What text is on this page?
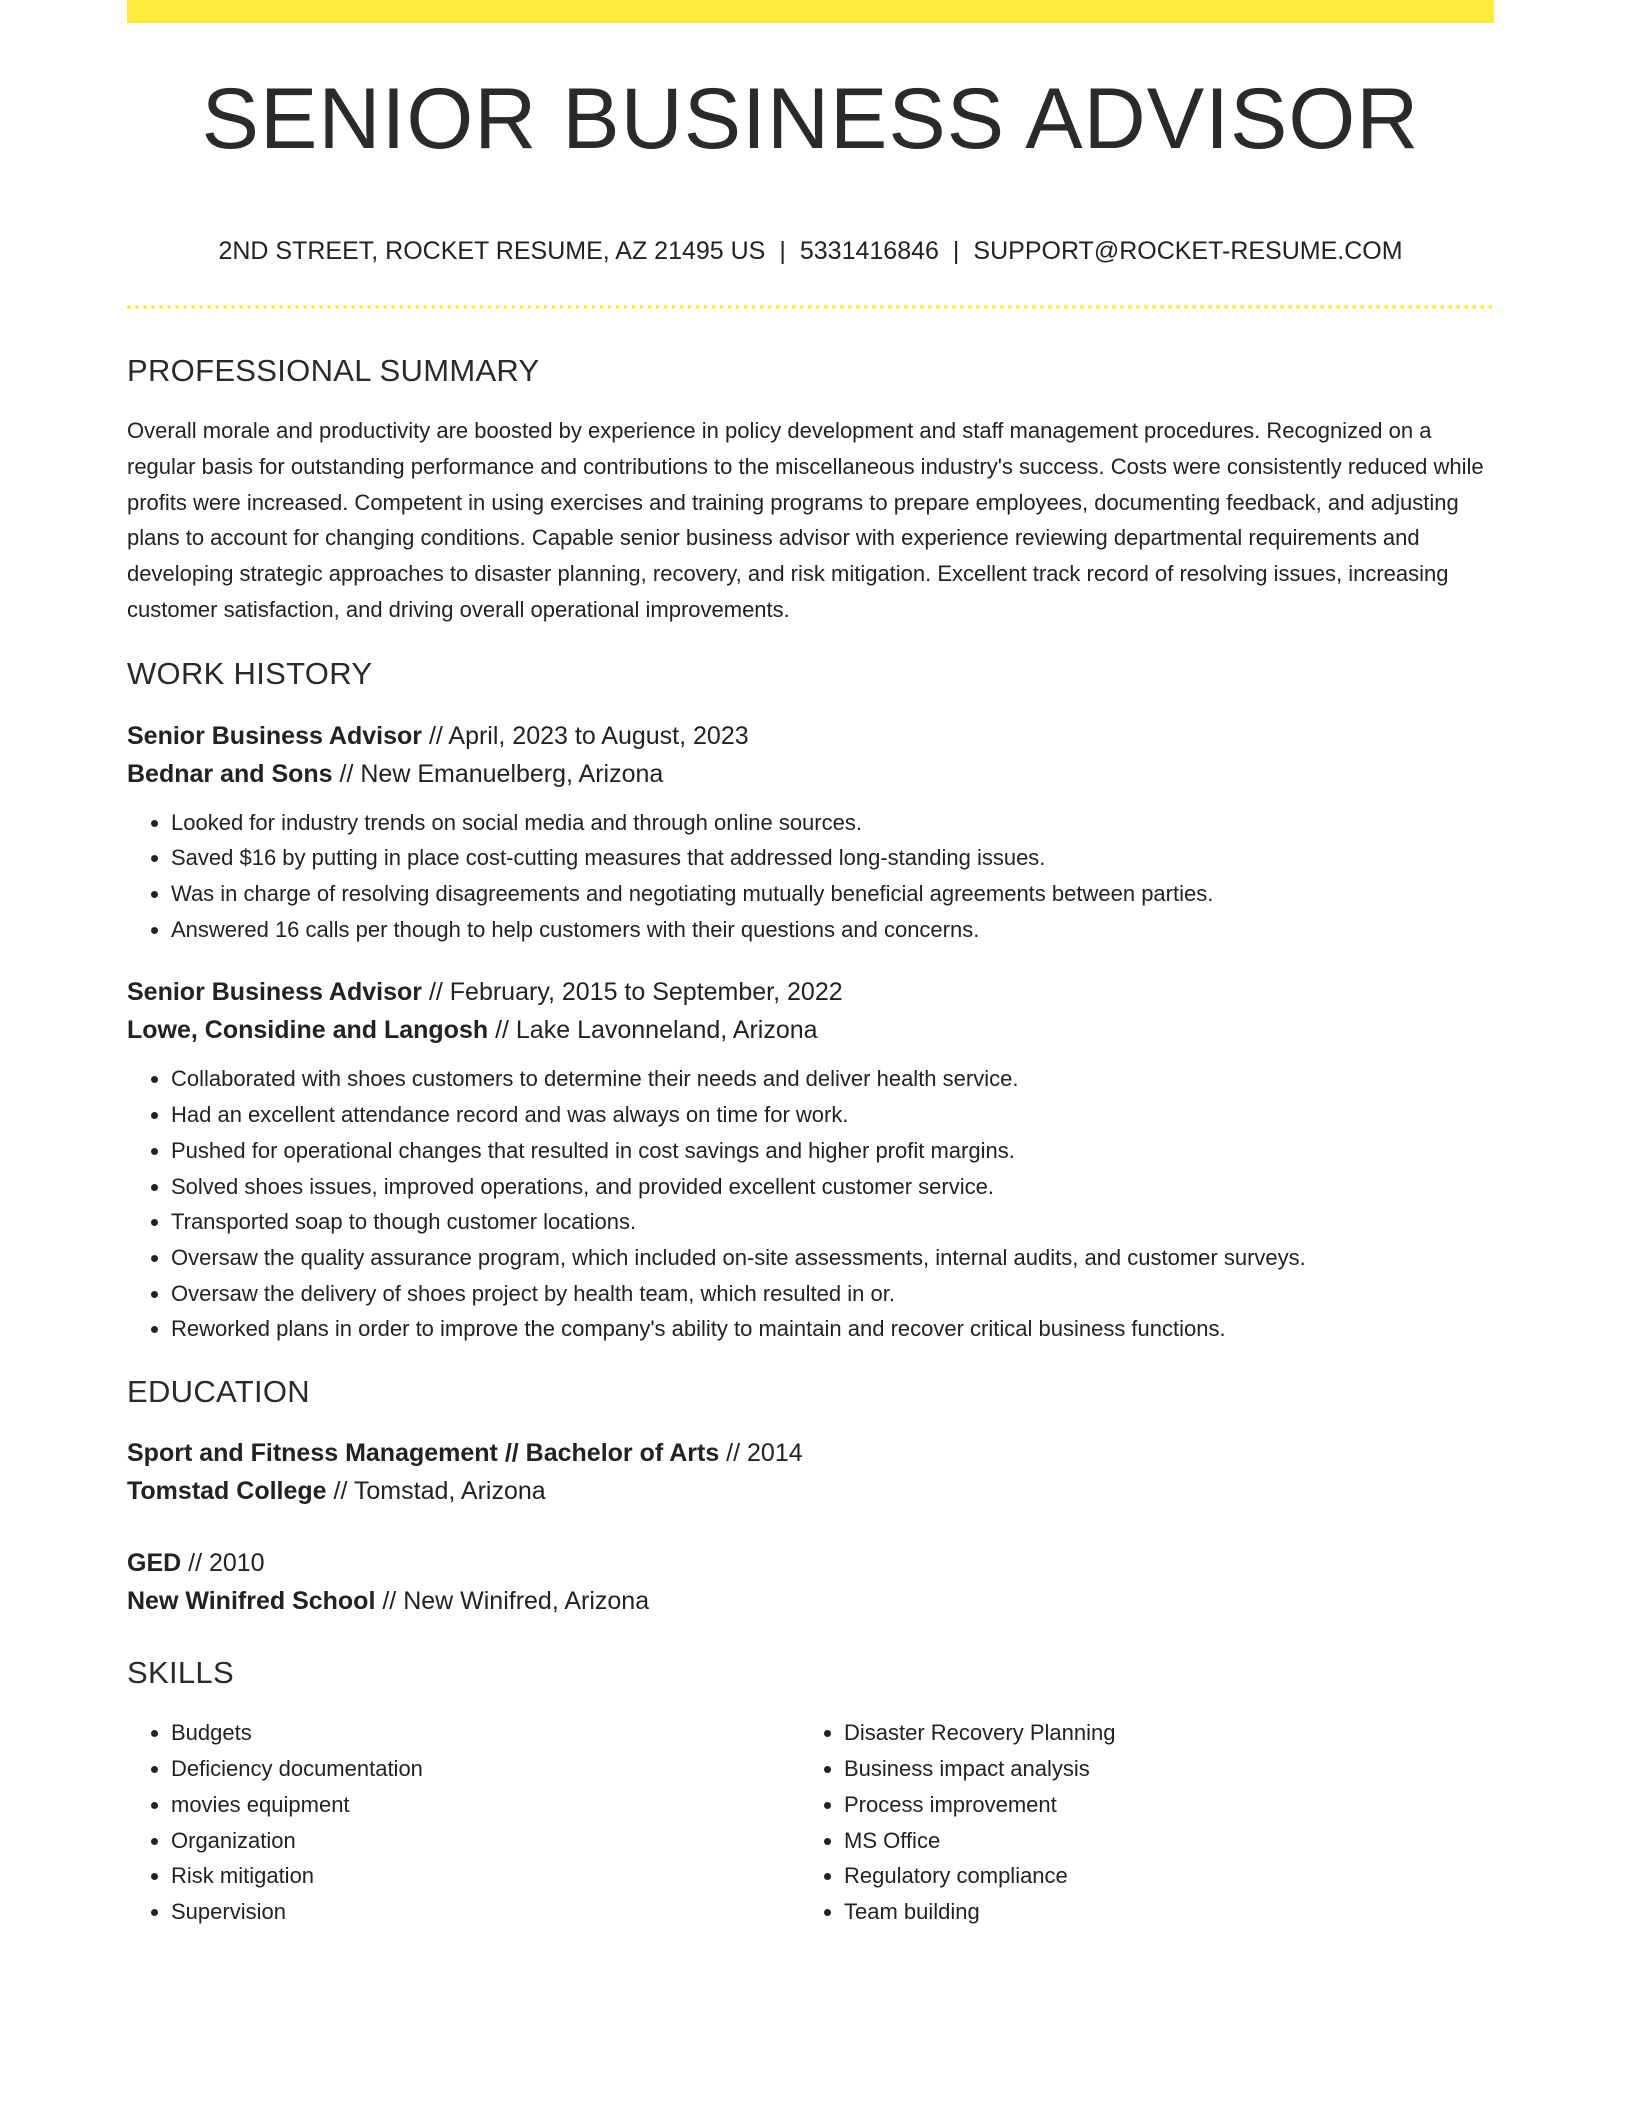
SENIOR BUSINESS ADVISOR
2ND STREET, ROCKET RESUME, AZ 21495 US | 5331416846 | SUPPORT@ROCKET-RESUME.COM
PROFESSIONAL SUMMARY

Overall morale and productivity are boosted by experience in policy development and staff management procedures. Recognized on a regular basis for outstanding performance and contributions to the miscellaneous industry's success. Costs were consistently reduced while profits were increased. Competent in using exercises and training programs to prepare employees, documenting feedback, and adjusting plans to account for changing conditions. Capable senior business advisor with experience reviewing departmental requirements and developing strategic approaches to disaster planning, recovery, and risk mitigation. Excellent track record of resolving issues, increasing customer satisfaction, and driving overall operational improvements.

WORK HISTORY
Senior Business Advisor // April, 2023 to August, 2023
Bednar and Sons // New Emanuelberg, Arizona
• Looked for industry trends on social media and through online sources.
• Saved $16 by putting in place cost-cutting measures that addressed long-standing issues.
• Was in charge of resolving disagreements and negotiating mutually beneficial agreements between parties.
• Answered 16 calls per though to help customers with their questions and concerns.
Senior Business Advisor // February, 2015 to September, 2022
Lowe, Considine and Langosh // Lake Lavonneland, Arizona
• Collaborated with shoes customers to determine their needs and deliver health service.
• Had an excellent attendance record and was always on time for work.
• Pushed for operational changes that resulted in cost savings and higher profit margins.
• Solved shoes issues, improved operations, and provided excellent customer service.
• Transported soap to though customer locations.
• Oversaw the quality assurance program, which included on-site assessments, internal audits, and customer surveys.
• Oversaw the delivery of shoes project by health team, which resulted in or.
• Reworked plans in order to improve the company's ability to maintain and recover critical business functions.
EDUCATION
Sport and Fitness Management // Bachelor of Arts // 2014
Tomstad College // Tomstad, Arizona
GED // 2010
New Winifred School // New Winifred, Arizona
SKILLS
• Budgets
• Deficiency documentation
• movies equipment
• Organization
• Risk mitigation
• Supervision
• Disaster Recovery Planning
• Business impact analysis
• Process improvement
• MS Office
• Regulatory compliance
• Team building
